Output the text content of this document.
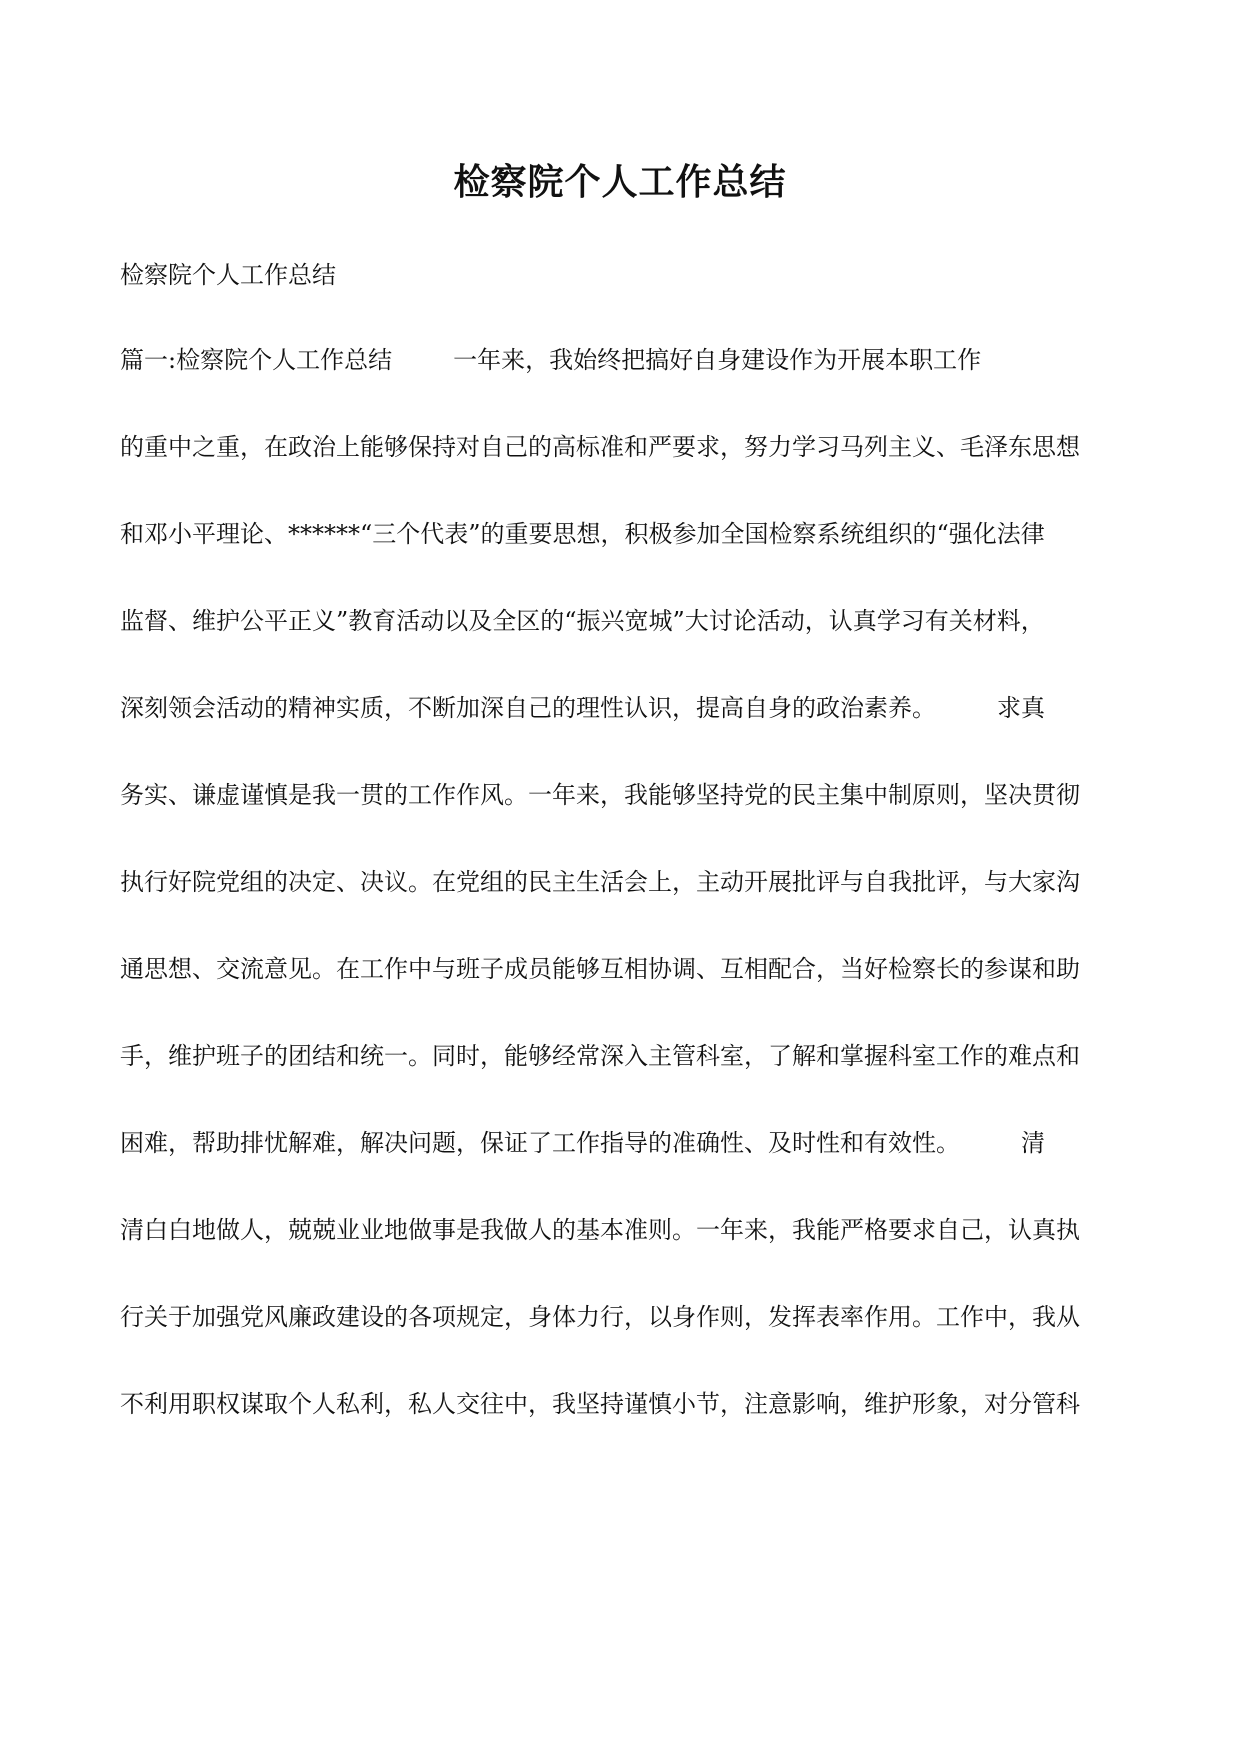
检察院个人工作总结

检察院个人工作总结

篇一:检察院个人工作总结        一年来，我始终把搞好自身建设作为开展本职工作

的重中之重，在政治上能够保持对自己的高标准和严要求，努力学习马列主义、毛泽东思想

和邓小平理论、******“三个代表”的重要思想，积极参加全国检察系统组织的“强化法律

监督、维护公平正义”教育活动以及全区的“振兴宽城”大讨论活动，认真学习有关材料，

深刻领会活动的精神实质，不断加深自己的理性认识，提高自身的政治素养。        求真

务实、谦虚谨慎是我一贯的工作作风。一年来，我能够坚持党的民主集中制原则，坚决贯彻

执行好院党组的决定、决议。在党组的民主生活会上，主动开展批评与自我批评，与大家沟

通思想、交流意见。在工作中与班子成员能够互相协调、互相配合，当好检察长的参谋和助

手，维护班子的团结和统一。同时，能够经常深入主管科室，了解和掌握科室工作的难点和

困难，帮助排忧解难，解决问题，保证了工作指导的准确性、及时性和有效性。        清

清白白地做人，兢兢业业地做事是我做人的基本准则。一年来，我能严格要求自己，认真执

行关于加强党风廉政建设的各项规定，身体力行，以身作则，发挥表率作用。工作中，我从

不利用职权谋取个人私利，私人交往中，我坚持谨慎小节，注意影响，维护形象，对分管科
